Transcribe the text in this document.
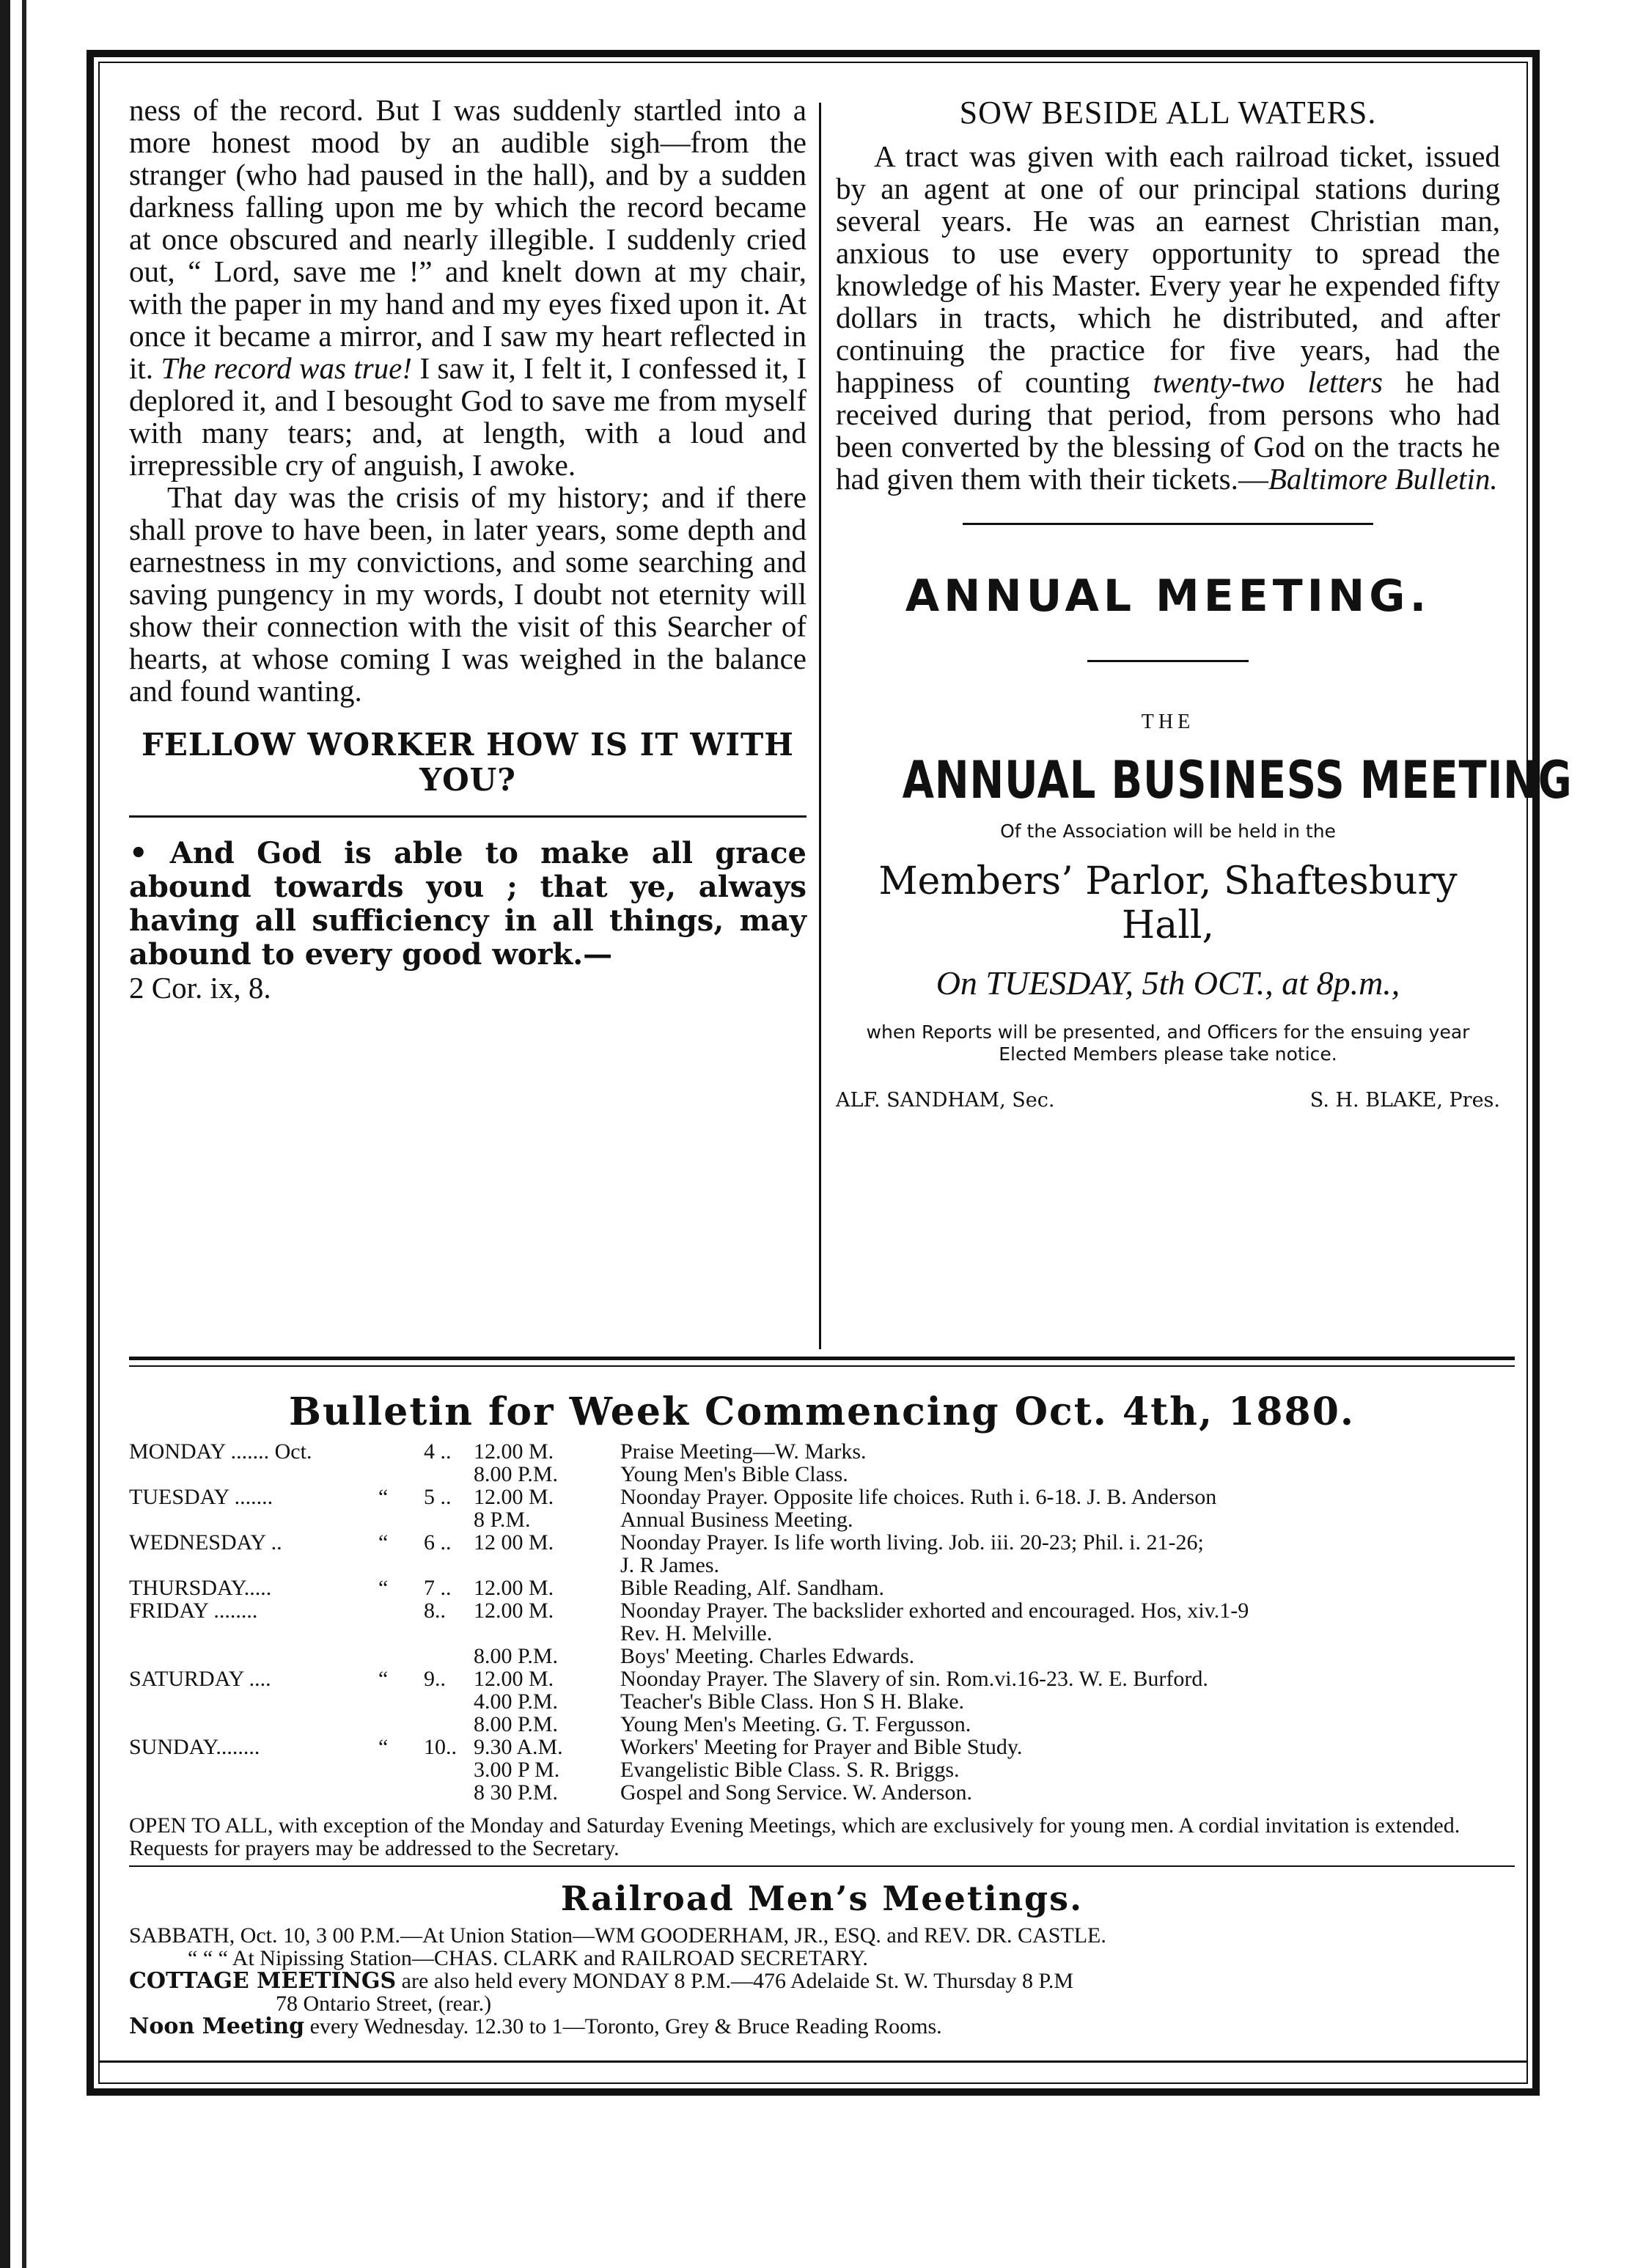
ness of the record. But I was suddenly startled into a more honest mood by an audible sigh—from the stranger (who had paused in the hall), and by a sudden darkness falling upon me by which the record became at once obscured and nearly illegible. I suddenly cried out, “ Lord, save me !” and knelt down at my chair, with the paper in my hand and my eyes fixed upon it. At once it became a mirror, and I saw my heart reflected in it. The record was true! I saw it, I felt it, I confessed it, I deplored it, and I besought God to save me from myself with many tears; and, at length, with a loud and irrepressible cry of anguish, I awoke.

That day was the crisis of my history; and if there shall prove to have been, in later years, some depth and earnestness in my convictions, and some searching and saving pungency in my words, I doubt not eternity will show their connection with the visit of this Searcher of hearts, at whose coming I was weighed in the balance and found wanting.

FELLOW WORKER HOW IS IT WITH YOU?

• And God is able to make all grace abound towards you ; that ye, always having all sufficiency in all things, may abound to every good work.—

2 Cor. ix, 8.

SOW BESIDE ALL WATERS.

A tract was given with each railroad ticket, issued by an agent at one of our principal stations during several years. He was an earnest Christian man, anxious to use every opportunity to spread the knowledge of his Master. Every year he expended fifty dollars in tracts, which he distributed, and after continuing the practice for five years, had the happiness of counting twenty-two letters he had received during that period, from persons who had been converted by the blessing of God on the tracts he had given them with their tickets.—Baltimore Bulletin.

ANNUAL MEETING.

THE

ANNUAL BUSINESS MEETING

Of the Association will be held in the

Members’ Parlor, Shaftesbury Hall,

On TUESDAY, 5th OCT., at 8p.m.,

when Reports will be presented, and Officers for the ensuing year Elected Members please take notice.

ALF. SANDHAM, Sec.	S. H. BLAKE, Pres.

Bulletin for Week Commencing Oct. 4th, 1880.

MONDAY ....... Oct.	4 .. 12.00 M.	Praise Meeting—W. Marks.
8.00 P.M.	Young Men's Bible Class.
TUESDAY .......	“ 5 .. 12.00 M.	Noonday Prayer. Opposite life choices. Ruth i. 6-18. J. B. Anderson
8 P.M.	Annual Business Meeting.
WEDNESDAY ..	“ 6 .. 12 00 M.	Noonday Prayer. Is life worth living. Job. iii. 20-23; Phil. i. 21-26;
J. R James.
THURSDAY.....	“ 7 .. 12.00 M.	Bible Reading, Alf. Sandham.
FRIDAY ........	8.. 12.00 M.	Noonday Prayer. The backslider exhorted and encouraged. Hos, xiv.1-9
Rev. H. Melville.
8.00 P.M.	Boys' Meeting. Charles Edwards.
SATURDAY ....	“ 9.. 12.00 M.	Noonday Prayer. The Slavery of sin. Rom.vi.16-23. W. E. Burford.
4.00 P.M.	Teacher's Bible Class. Hon S H. Blake.
8.00 P.M.	Young Men's Meeting. G. T. Fergusson.
SUNDAY........	“ 10.. 9.30 A.M.	Workers' Meeting for Prayer and Bible Study.
3.00 P M.	Evangelistic Bible Class. S. R. Briggs.
8 30 P.M.	Gospel and Song Service. W. Anderson.

OPEN TO ALL, with exception of the Monday and Saturday Evening Meetings, which are exclusively for young men. A cordial invitation is extended. Requests for prayers may be addressed to the Secretary.

Railroad Men’s Meetings.

SABBATH, Oct. 10, 3 00 P.M.—At Union Station—WM GOODERHAM, JR., ESQ. and REV. DR. CASTLE.

“ “ “ At Nipissing Station—CHAS. CLARK and RAILROAD SECRETARY.

COTTAGE MEETINGS are also held every MONDAY 8 P.M.—476 Adelaide St. W. Thursday 8 P.M

78 Ontario Street, (rear.)

Noon Meeting every Wednesday. 12.30 to 1—Toronto, Grey & Bruce Reading Rooms.
